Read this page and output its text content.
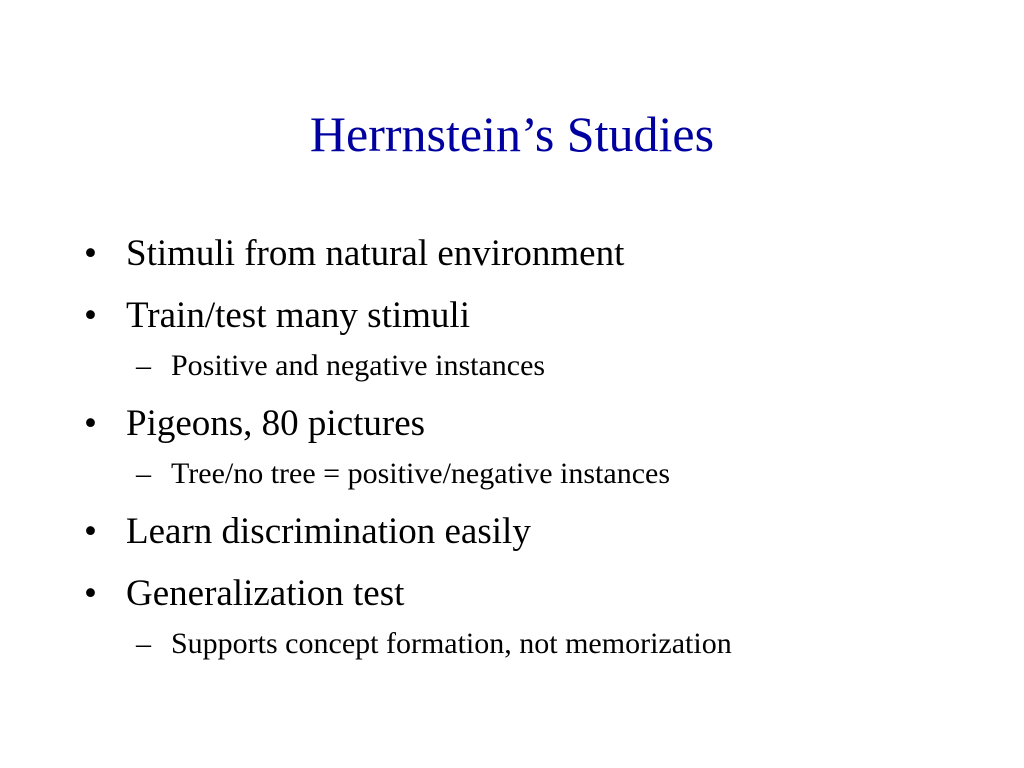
Herrnstein’s Studies
• Stimuli from natural environment
• Train/test many stimuli
– Positive and negative instances
• Pigeons, 80 pictures
– Tree/no tree = positive/negative instances
• Learn discrimination easily
• Generalization test
– Supports concept formation, not memorization
